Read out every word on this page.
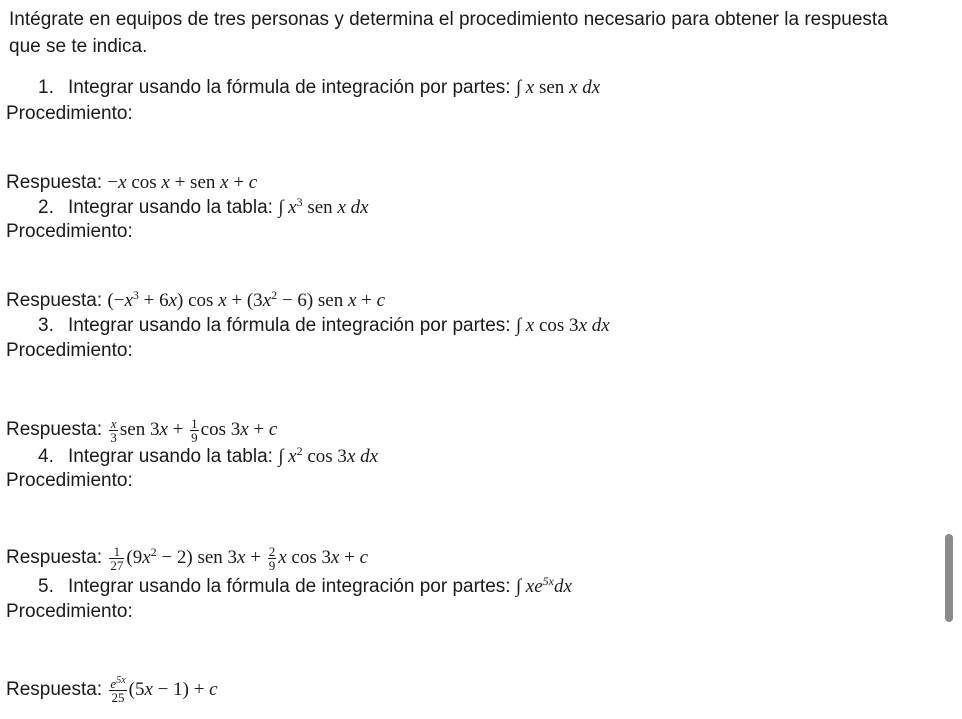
Intégrate en equipos de tres personas y determina el procedimiento necesario para obtener la respuesta que se te indica.

1. Integrar usando la fórmula de integración por partes: ∫ x sen x dx
Procedimiento:
Respuesta: −x cos x + sen x + c
2. Integrar usando la tabla: ∫ $x^3$ sen x dx
Procedimiento:
Respuesta: $(-x^3 + 6x)$ $\cos x + (3x^2 - 6)$ sen x + c
3. Integrar usando la fórmula de integración por partes: ∫ x cos 3x dx
Procedimiento:
Respuesta: $\frac{x}{3}$ sen $3x + \frac{1}{9}$ cos 3x + c
4. Integrar usando la tabla: ∫ $x^2$ cos 3x dx
Procedimiento:
Respuesta: $\frac{1}{27} (9x^2 - 2)$ sen $3x + \frac{2}{9}$ x cos 3x + c
5. Integrar usando la fórmula de integración por partes: ∫ $xe^{5x}dx$
Procedimiento:
Respuesta: $\frac{e^{5x}}{25} (5x - 1) + c$
